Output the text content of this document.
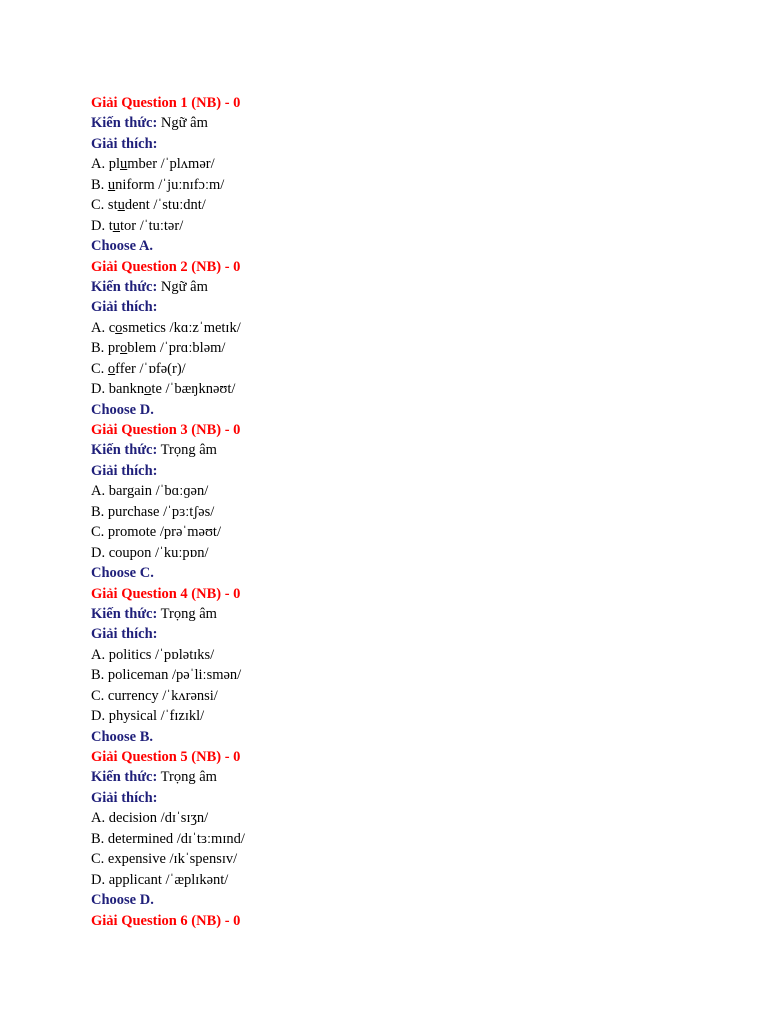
Giải Question 1 (NB) - 0
Kiến thức: Ngữ âm
Giải thích:
A. plumber /ˈplʌmər/
B. uniform /ˈjuːnɪfɔːm/
C. student /ˈstuːdnt/
D. tutor /ˈtuːtər/
Choose A.
Giải Question 2 (NB) - 0
Kiến thức: Ngữ âm
Giải thích:
A. cosmetics /kɑːzˈmetɪk/
B. problem /ˈprɑːbləm/
C. offer /ˈɒfə(r)/
D. banknote /ˈbæŋknəʊt/
Choose D.
Giải Question 3 (NB) - 0
Kiến thức: Trọng âm
Giải thích:
A. bargain /ˈbɑːɡən/
B. purchase /ˈpɜːtʃəs/
C. promote /prəˈməʊt/
D. coupon /ˈkuːpɒn/
Choose C.
Giải Question 4 (NB) - 0
Kiến thức: Trọng âm
Giải thích:
A. politics /ˈpɒlətɪks/
B. policeman /pəˈliːsmən/
C. currency /ˈkʌrənsi/
D. physical /ˈfɪzɪkl/
Choose B.
Giải Question 5 (NB) - 0
Kiến thức: Trọng âm
Giải thích:
A. decision /dɪˈsɪʒn/
B. determined /dɪˈtɜːmɪnd/
C. expensive /ɪkˈspensɪv/
D. applicant /ˈæplɪkənt/
Choose D.
Giải Question 6 (NB) - 0
